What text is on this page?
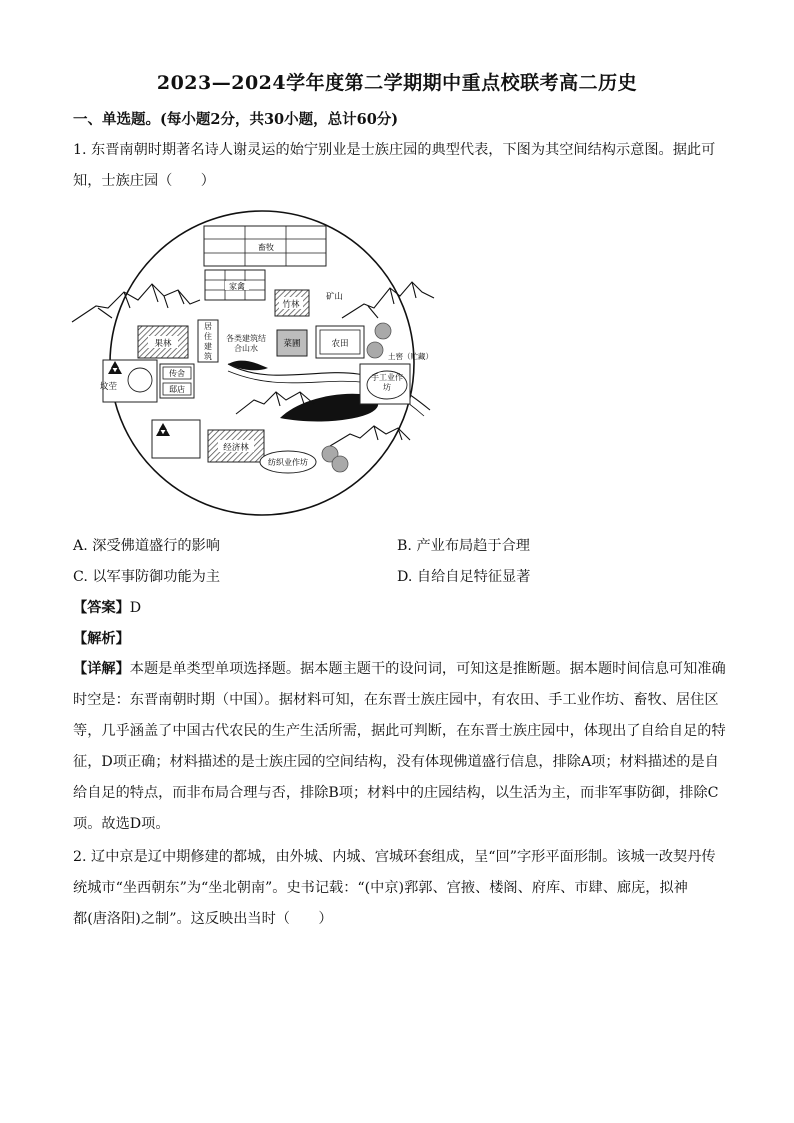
2023—2024学年度第二学期期中重点校联考高二历史
一、单选题。(每小题2分，共30小题，总计60分)
1. 东晋南朝时期著名诗人谢灵运的始宁别业是士族庄园的典型代表，下图为其空间结构示意图。据此可
知，士族庄园（　　）
畜牧
家禽
竹林
矿山
果林
居住建筑
各类建筑结合山水	菜圃	农田
土窖（贮藏）
手工业作坊
坟茔
传舍
邸店
经济林
纺织业作坊
A. 深受佛道盛行的影响	B. 产业布局趋于合理
C. 以军事防御功能为主	D. 自给自足特征显著
【答案】D
【解析】
【详解】本题是单类型单项选择题。据本题主题干的设问词，可知这是推断题。据本题时间信息可知准确
时空是：东晋南朝时期（中国）。据材料可知，在东晋士族庄园中，有农田、手工业作坊、畜牧、居住区
等，几乎涵盖了中国古代农民的生产生活所需，据此可判断，在东晋士族庄园中，体现出了自给自足的特
征，D项正确；材料描述的是士族庄园的空间结构，没有体现佛道盛行信息，排除A项；材料描述的是自
给自足的特点，而非布局合理与否，排除B项；材料中的庄园结构，以生活为主，而非军事防御，排除C
项。故选D项。
2. 辽中京是辽中期修建的都城，由外城、内城、宫城环套组成，呈“回”字形平面形制。该城一改契丹传
统城市“坐西朝东”为“坐北朝南”。史书记载：“(中京)郛郭、宫掖、楼阁、府库、市肆、廊庑，拟神
都(唐洛阳)之制”。这反映出当时（　　）
